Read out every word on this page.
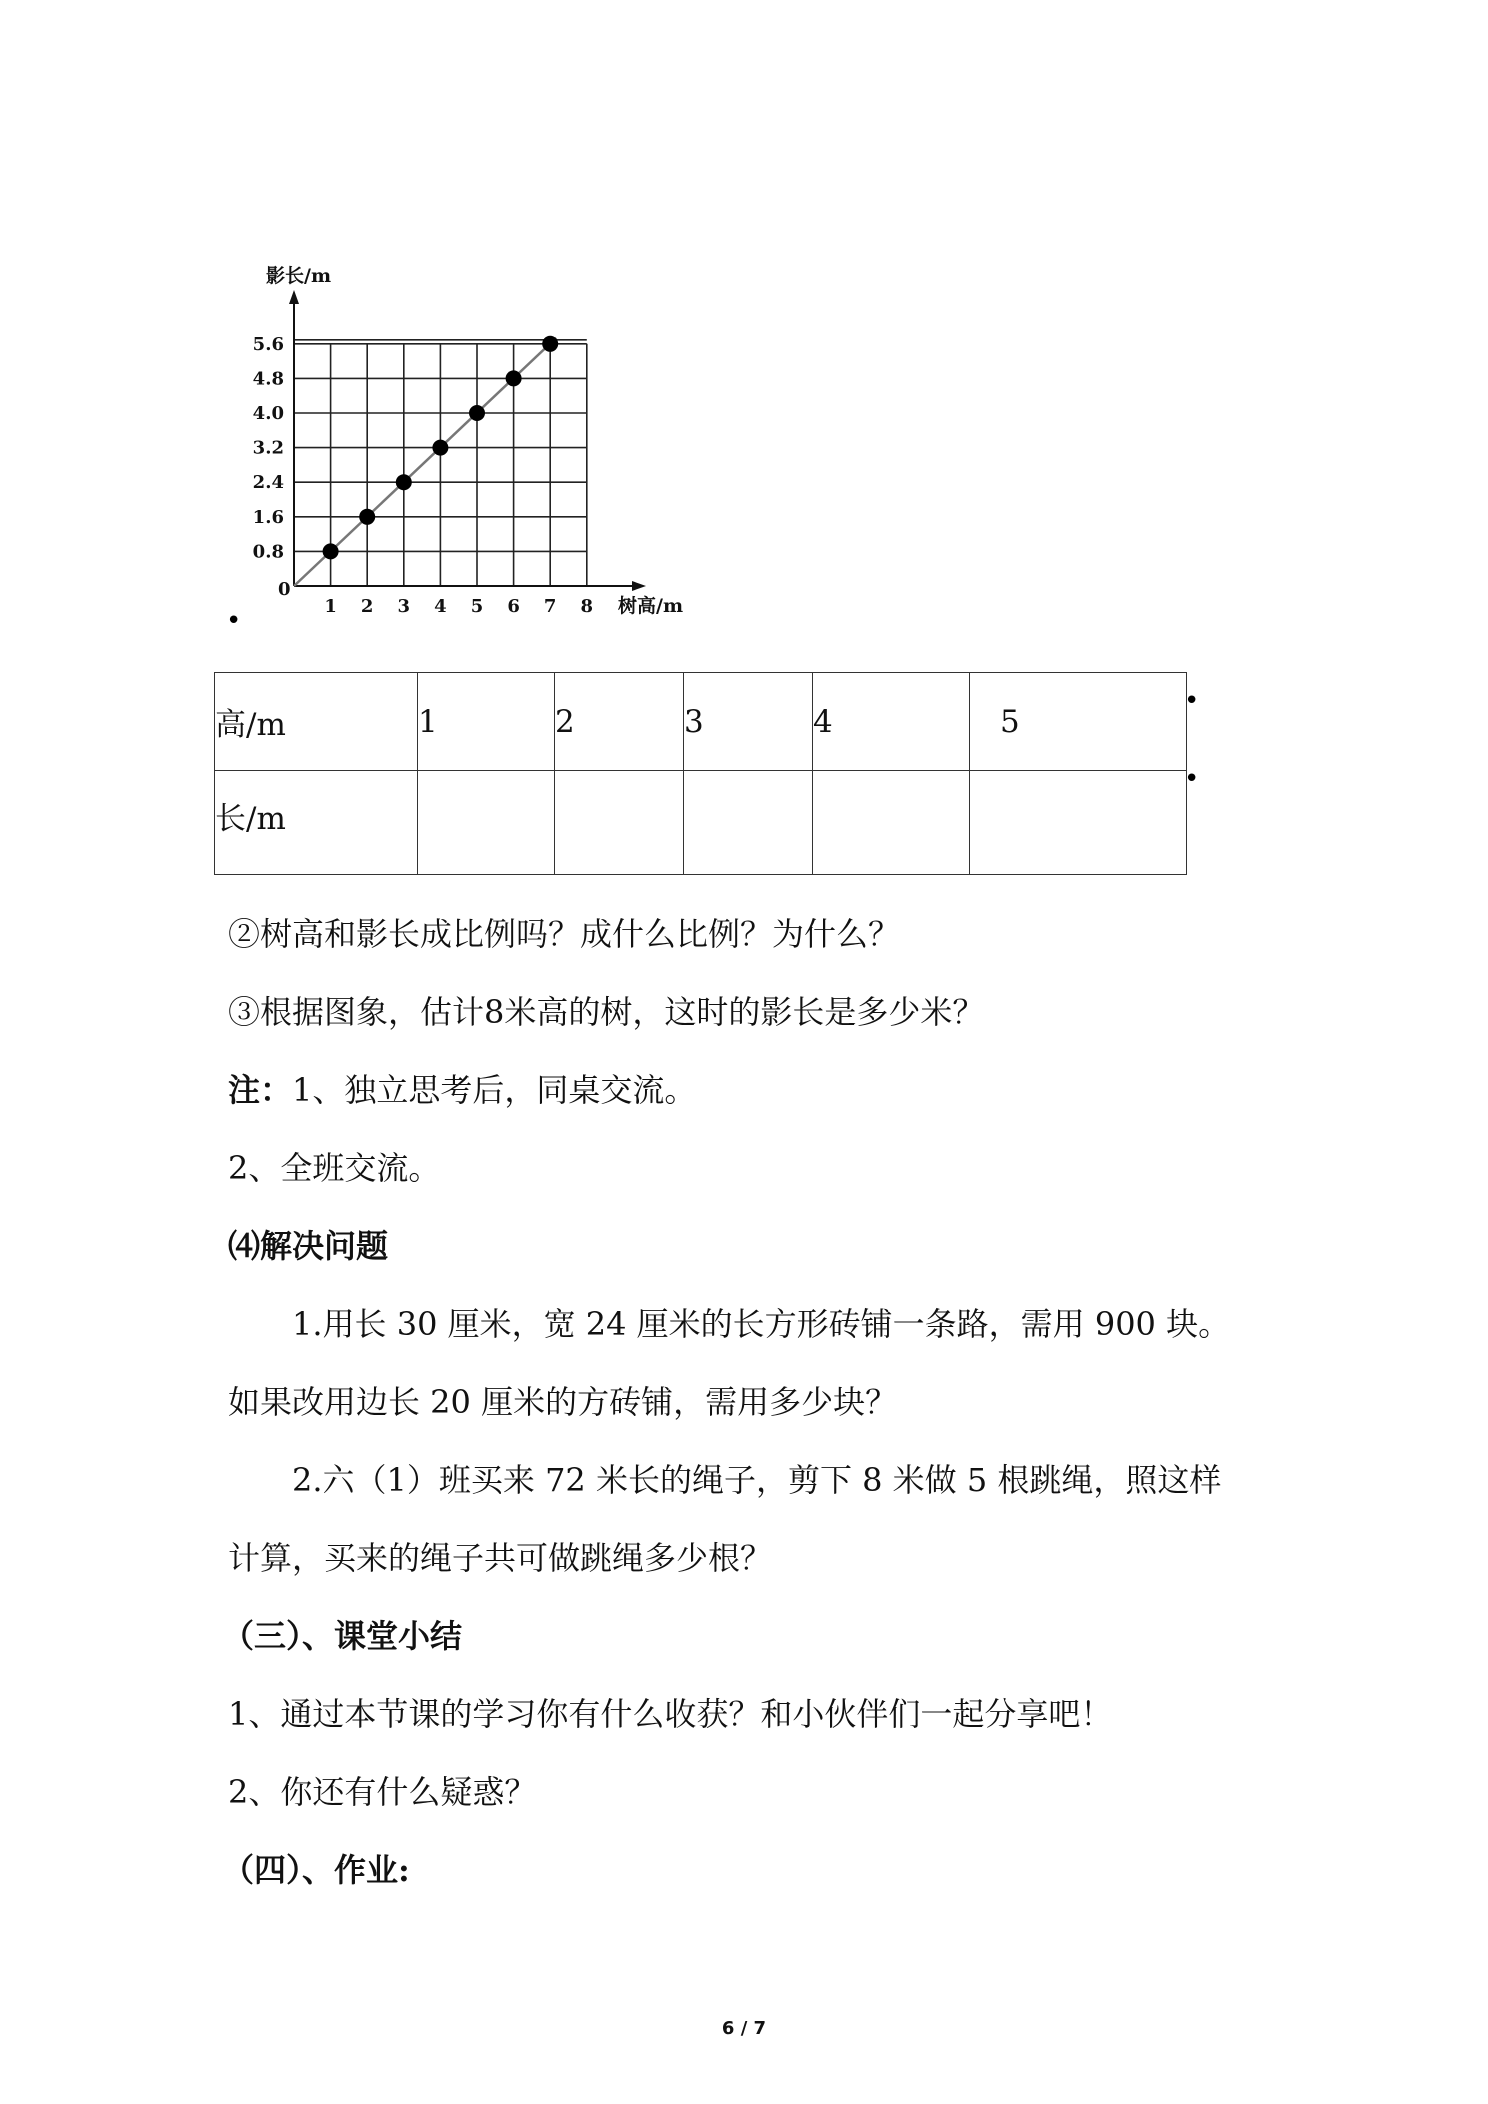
1 2 3 4 5 6 7 8
0.8
1.6
2.4
3.2
4.0
4.8
5.6
影长/m
树高/m
0
•
•
•
高/m	1	2	3	4	5
长/m					
②树高和影长成比例吗？成什么比例？为什么？
③根据图象，估计8米高的树，这时的影长是多少米？
注：1、独立思考后，同桌交流。
2、全班交流。
⑷解决问题
1.用长 30 厘米，宽 24 厘米的长方形砖铺一条路，需用 900 块。
如果改用边长 20 厘米的方砖铺，需用多少块？
2.六（1）班买来 72 米长的绳子，剪下 8 米做 5 根跳绳，照这样
计算，买来的绳子共可做跳绳多少根？
（三）、课堂小结
1、通过本节课的学习你有什么收获？和小伙伴们一起分享吧！
2、你还有什么疑惑？
（四）、作业:
6 / 7
